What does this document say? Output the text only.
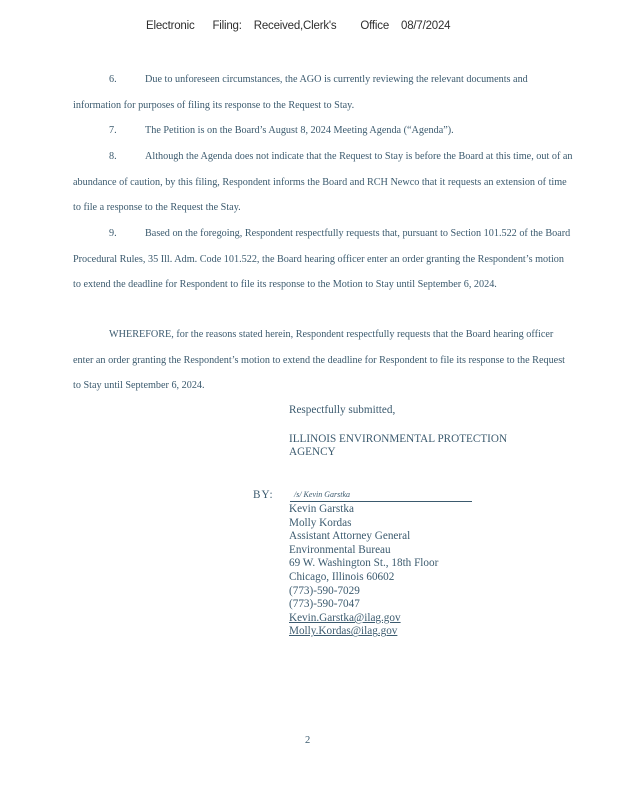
Electronic      Filing:    Received,Clerk's        Office    08/7/2024
6.	Due to unforeseen circumstances, the AGO is currently reviewing the relevant documents and information for purposes of filing its response to the Request to Stay.
7.	The Petition is on the Board’s August 8, 2024 Meeting Agenda (“Agenda”).
8.	Although the Agenda does not indicate that the Request to Stay is before the Board at this time, out of an abundance of caution, by this filing, Respondent informs the Board and RCH Newco that it requests an extension of time to file a response to the Request the Stay.
9.	Based on the foregoing, Respondent respectfully requests that, pursuant to Section 101.522 of the Board Procedural Rules, 35 Ill. Adm. Code 101.522, the Board hearing officer enter an order granting the Respondent’s motion to extend the deadline for Respondent to file its response to the Motion to Stay until September 6, 2024.
WHEREFORE, for the reasons stated herein, Respondent respectfully requests that the Board hearing officer enter an order granting the Respondent’s motion to extend the deadline for Respondent to file its response to the Request to Stay until September 6, 2024.
Respectfully submitted,
ILLINOIS ENVIRONMENTAL PROTECTION
AGENCY
BY:	/s/ Kevin Garstka
Kevin Garstka
Molly Kordas
Assistant Attorney General
Environmental Bureau
69 W. Washington St., 18th Floor
Chicago, Illinois 60602
(773)-590-7029
(773)-590-7047
Kevin.Garstka@ilag.gov
Molly.Kordas@ilag.gov
2
